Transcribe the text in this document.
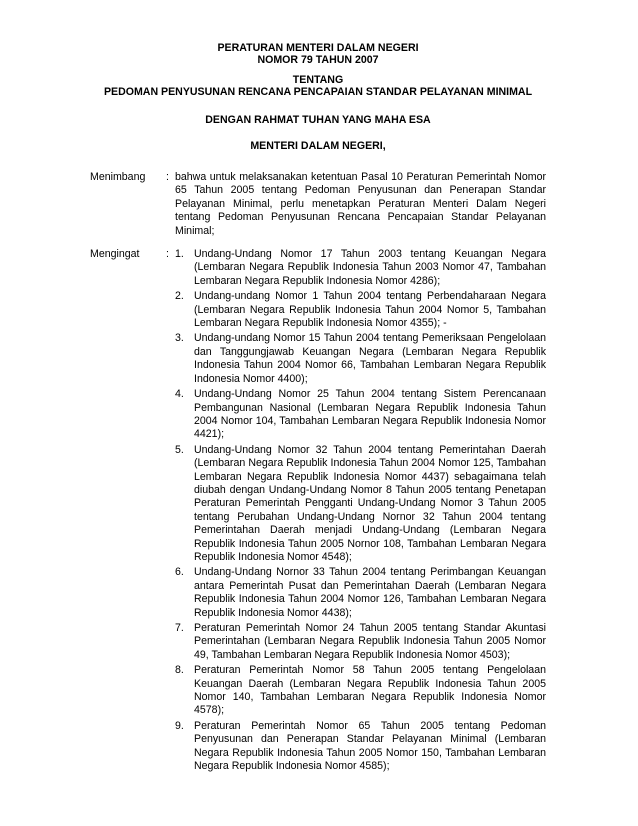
PERATURAN MENTERI DALAM NEGERI
NOMOR 79 TAHUN 2007
TENTANG
PEDOMAN PENYUSUNAN RENCANA PENCAPAIAN STANDAR PELAYANAN MINIMAL
DENGAN RAHMAT TUHAN YANG MAHA ESA
MENTERI DALAM NEGERI,
Menimbang	: bahwa untuk melaksanakan ketentuan Pasal 10 Peraturan Pemerintah Nomor 65 Tahun 2005 tentang Pedoman Penyusunan dan Penerapan Standar Pelayanan Minimal, perlu menetapkan Peraturan Menteri Dalam Negeri tentang Pedoman Penyusunan Rencana Pencapaian Standar Pelayanan Minimal;
Mengingat	: 1. Undang-Undang Nomor 17 Tahun 2003 tentang Keuangan Negara (Lembaran Negara Republik Indonesia Tahun 2003 Nomor 47, Tambahan Lembaran Negara Republik Indonesia Nomor 4286);
2. Undang-undang Nomor 1 Tahun 2004 tentang Perbendaharaan Negara (Lembaran Negara Republik Indonesia Tahun 2004 Nomor 5, Tambahan Lembaran Negara Republik Indonesia Nomor 4355); -
3. Undang-undang Nomor 15 Tahun 2004 tentang Pemeriksaan Pengelolaan dan Tanggungjawab Keuangan Negara (Lembaran Negara Republik Indonesia Tahun 2004 Nomor 66, Tambahan Lembaran Negara Republik Indonesia Nomor 4400);
4. Undang-Undang Nomor 25 Tahun 2004 tentang Sistem Perencanaan Pembangunan Nasional (Lembaran Negara Republik Indonesia Tahun 2004 Nomor 104, Tambahan Lembaran Negara Republik Indonesia Nomor 4421);
5. Undang-Undang Nomor 32 Tahun 2004 tentang Pemerintahan Daerah (Lembaran Negara Republik Indonesia Tahun 2004 Nomor 125, Tambahan Lembaran Negara Republik Indonesia Nomor 4437) sebagaimana telah diubah dengan Undang-Undang Nomor 8 Tahun 2005 tentang Penetapan Peraturan Pemerintah Pengganti Undang-Undang Nomor 3 Tahun 2005 tentang Perubahan Undang-Undang Nornor 32 Tahun 2004 tentang Pemerintahan Daerah menjadi Undang-Undang (Lembaran Negara Republik Indonesia Tahun 2005 Nornor 108, Tambahan Lembaran Negara Republik Indonesia Nomor 4548);
6. Undang-Undang Nornor 33 Tahun 2004 tentang Perimbangan Keuangan antara Pemerintah Pusat dan Pemerintahan Daerah (Lembaran Negara Republik Indonesia Tahun 2004 Nomor 126, Tambahan Lembaran Negara Republik Indonesia Nomor 4438);
7. Peraturan Pemerintah Nomor 24 Tahun 2005 tentang Standar Akuntasi Pemerintahan (Lembaran Negara Republik Indonesia Tahun 2005 Nomor 49, Tambahan Lembaran Negara Republik Indonesia Nomor 4503);
8. Peraturan Pemerintah Nomor 58 Tahun 2005 tentang Pengelolaan Keuangan Daerah (Lembaran Negara Republik Indonesia Tahun 2005 Nomor 140, Tambahan Lembaran Negara Republik Indonesia Nomor 4578);
9. Peraturan Pemerintah Nomor 65 Tahun 2005 tentang Pedoman Penyusunan dan Penerapan Standar Pelayanan Minimal (Lembaran Negara Republik Indonesia Tahun 2005 Nomor 150, Tambahan Lembaran Negara Republik Indonesia Nomor 4585);
